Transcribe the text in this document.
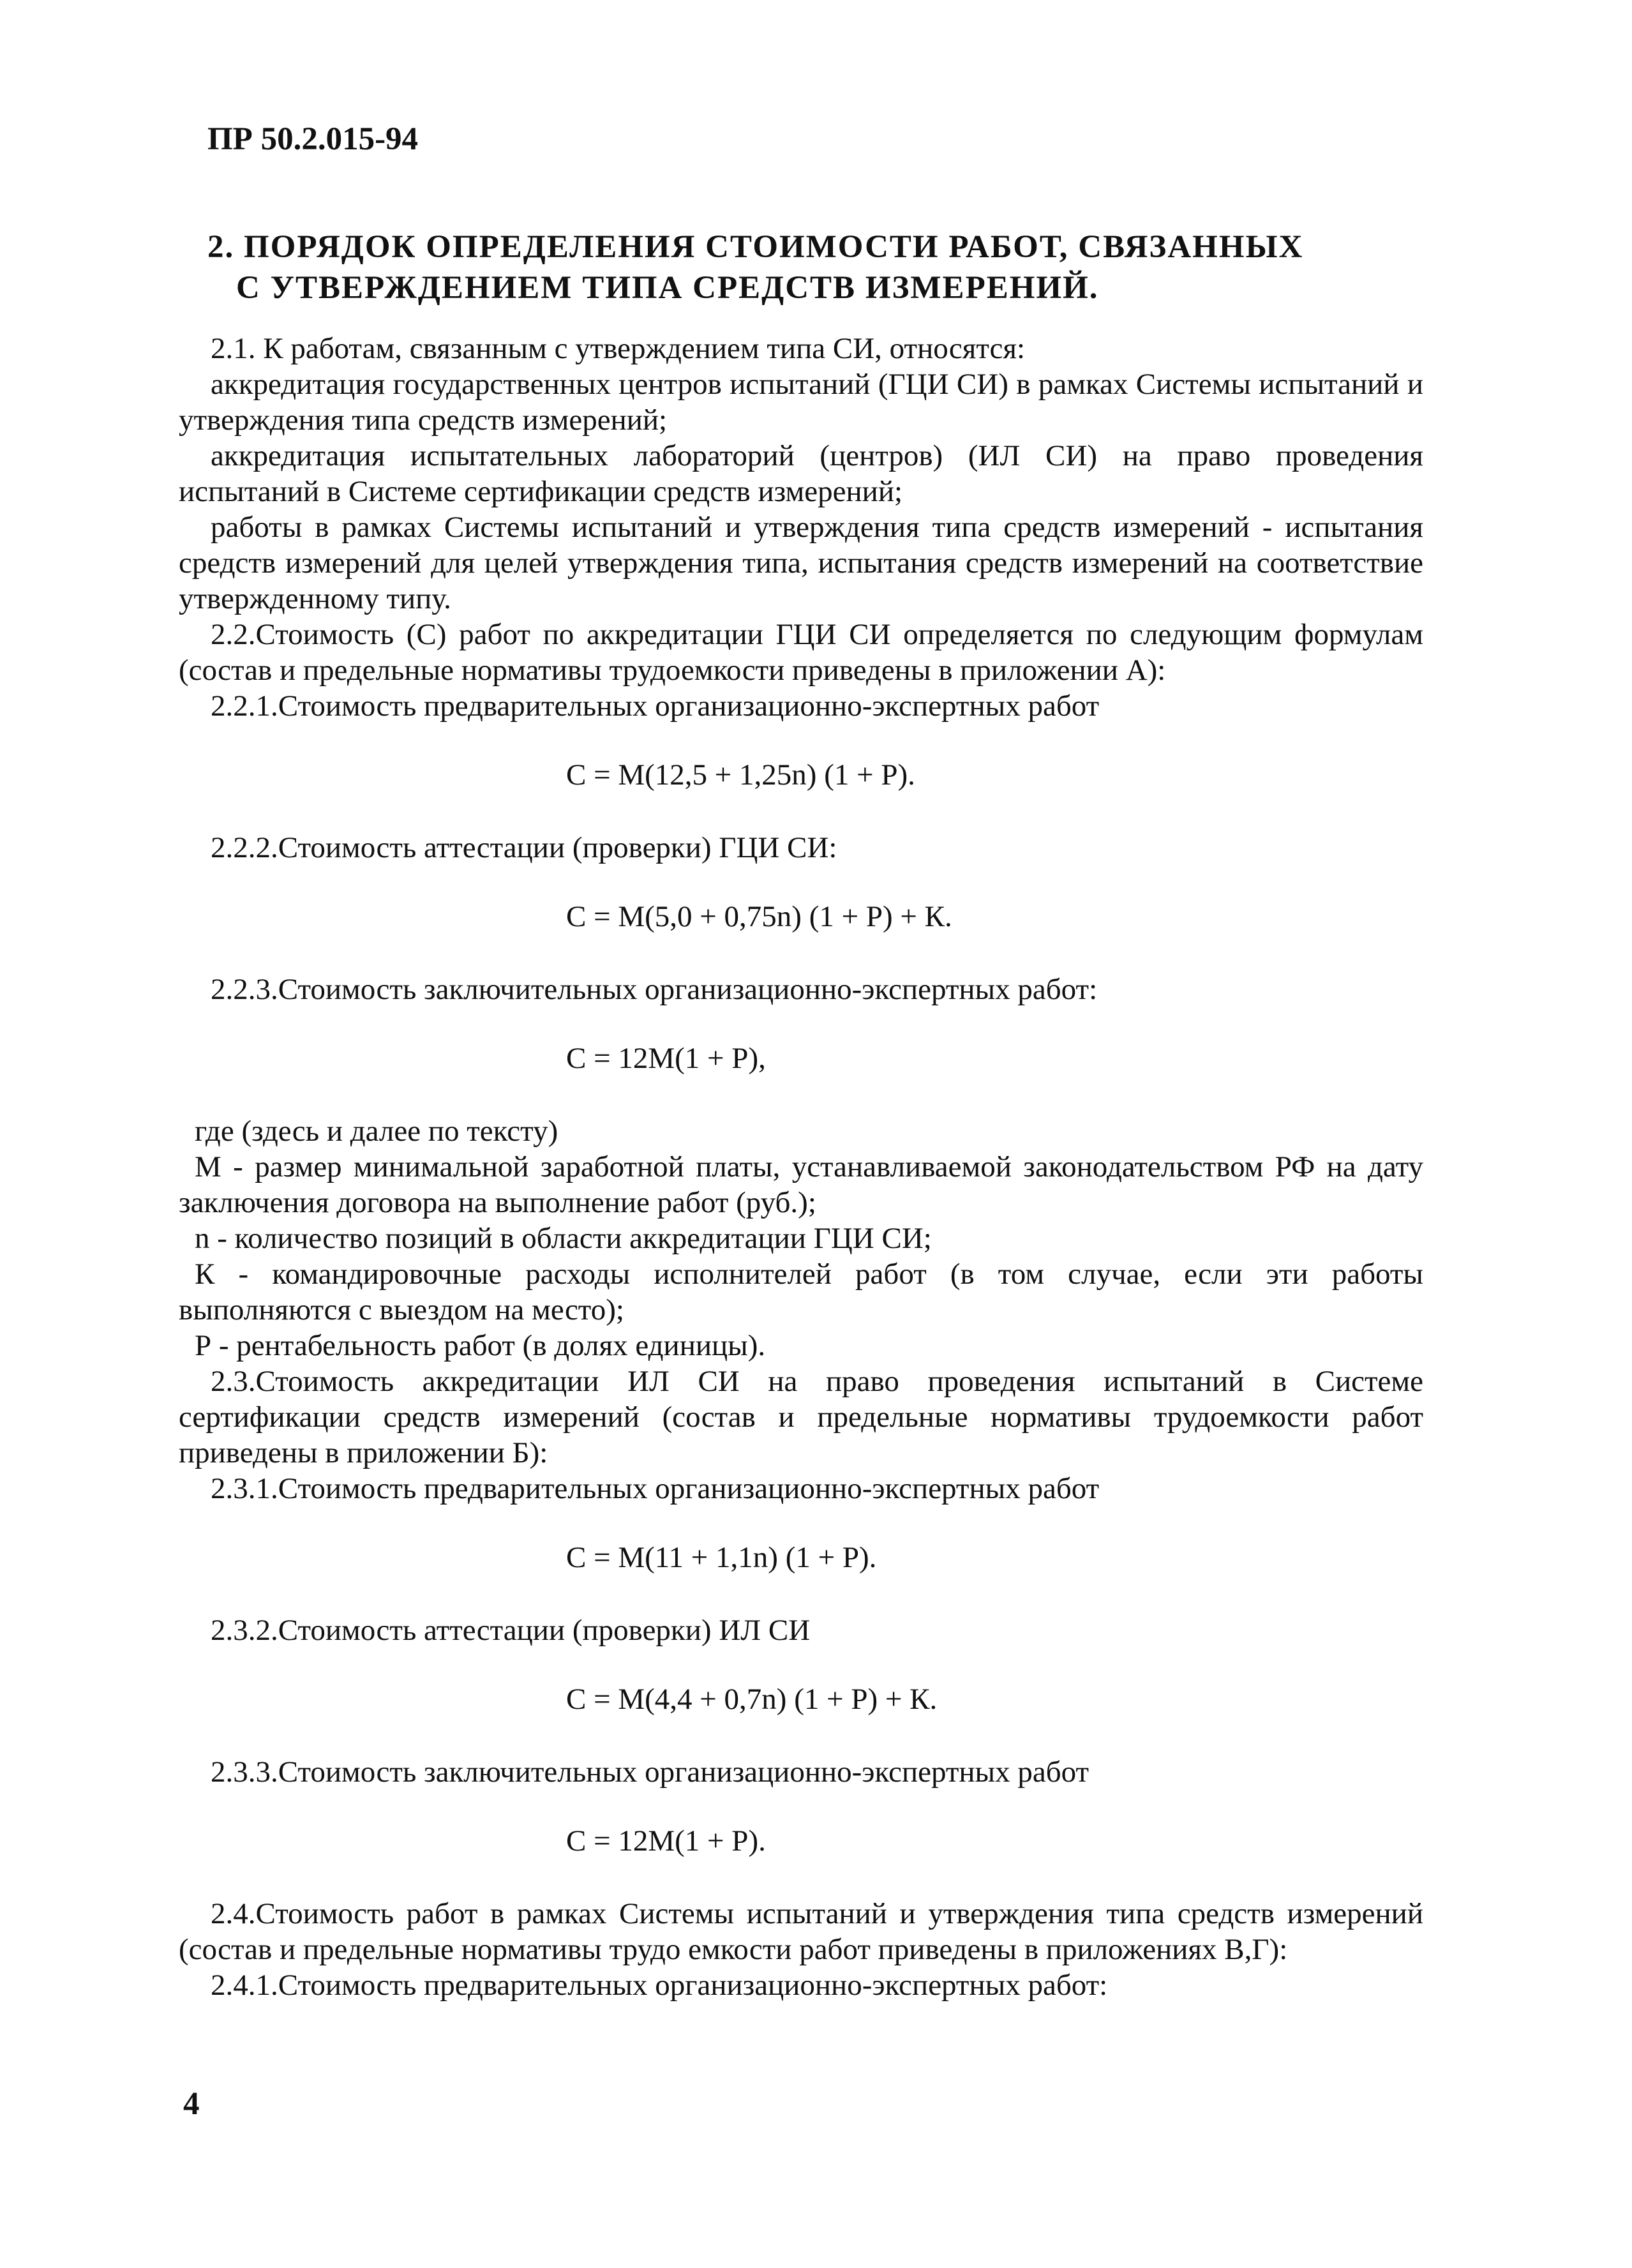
ПР 50.2.015-94

2. ПОРЯДОК ОПРЕДЕЛЕНИЯ СТОИМОСТИ РАБОТ, СВЯЗАННЫХ
С УТВЕРЖДЕНИЕМ ТИПА СРЕДСТВ ИЗМЕРЕНИЙ.

2.1. К работам, связанным с утверждением типа СИ, относятся:

аккредитация государственных центров испытаний (ГЦИ СИ) в рамках Системы испытаний и утверждения типа средств измерений;

аккредитация испытательных лабораторий (центров) (ИЛ СИ) на право проведения испытаний в Системе сертификации средств измерений;

работы в рамках Системы испытаний и утверждения типа средств измерений - испытания средств измерений для целей утверждения типа, испытания средств измерений на соответствие утвержденному типу.

2.2.Стоимость (С) работ по аккредитации ГЦИ СИ определяется по следующим формулам (состав и предельные нормативы трудоемкости приведены в приложении А):

2.2.1.Стоимость предварительных организационно-экспертных работ

С = М(12,5 + 1,25n) (1 + Р).

2.2.2.Стоимость аттестации (проверки) ГЦИ СИ:

С = М(5,0 + 0,75n) (1 + Р) + К.

2.2.3.Стоимость заключительных организационно-экспертных работ:

С = 12М(1 + Р),

где (здесь и далее по тексту)

М - размер минимальной заработной платы, устанавливаемой законодательством РФ на дату заключения договора на выполнение работ (руб.);

n - количество позиций в области аккредитации ГЦИ СИ;

К - командировочные расходы исполнителей работ (в том случае, если эти работы выполняются с выездом на место);

Р - рентабельность работ (в долях единицы).

2.3.Стоимость аккредитации ИЛ СИ на право проведения испытаний в Системе сертификации средств измерений (состав и предельные нормативы трудоемкости работ приведены в приложении Б):

2.3.1.Стоимость предварительных организационно-экспертных работ

С = М(11 + 1,1n) (1 + Р).

2.3.2.Стоимость аттестации (проверки) ИЛ СИ

С = М(4,4 + 0,7n) (1 + Р) + К.

2.3.3.Стоимость заключительных организационно-экспертных работ

С = 12М(1 + Р).

2.4.Стоимость работ в рамках Системы испытаний и утверждения типа средств измерений (состав и предельные нормативы трудо емкости работ приведены в приложениях В,Г):

2.4.1.Стоимость предварительных организационно-экспертных работ:

4
